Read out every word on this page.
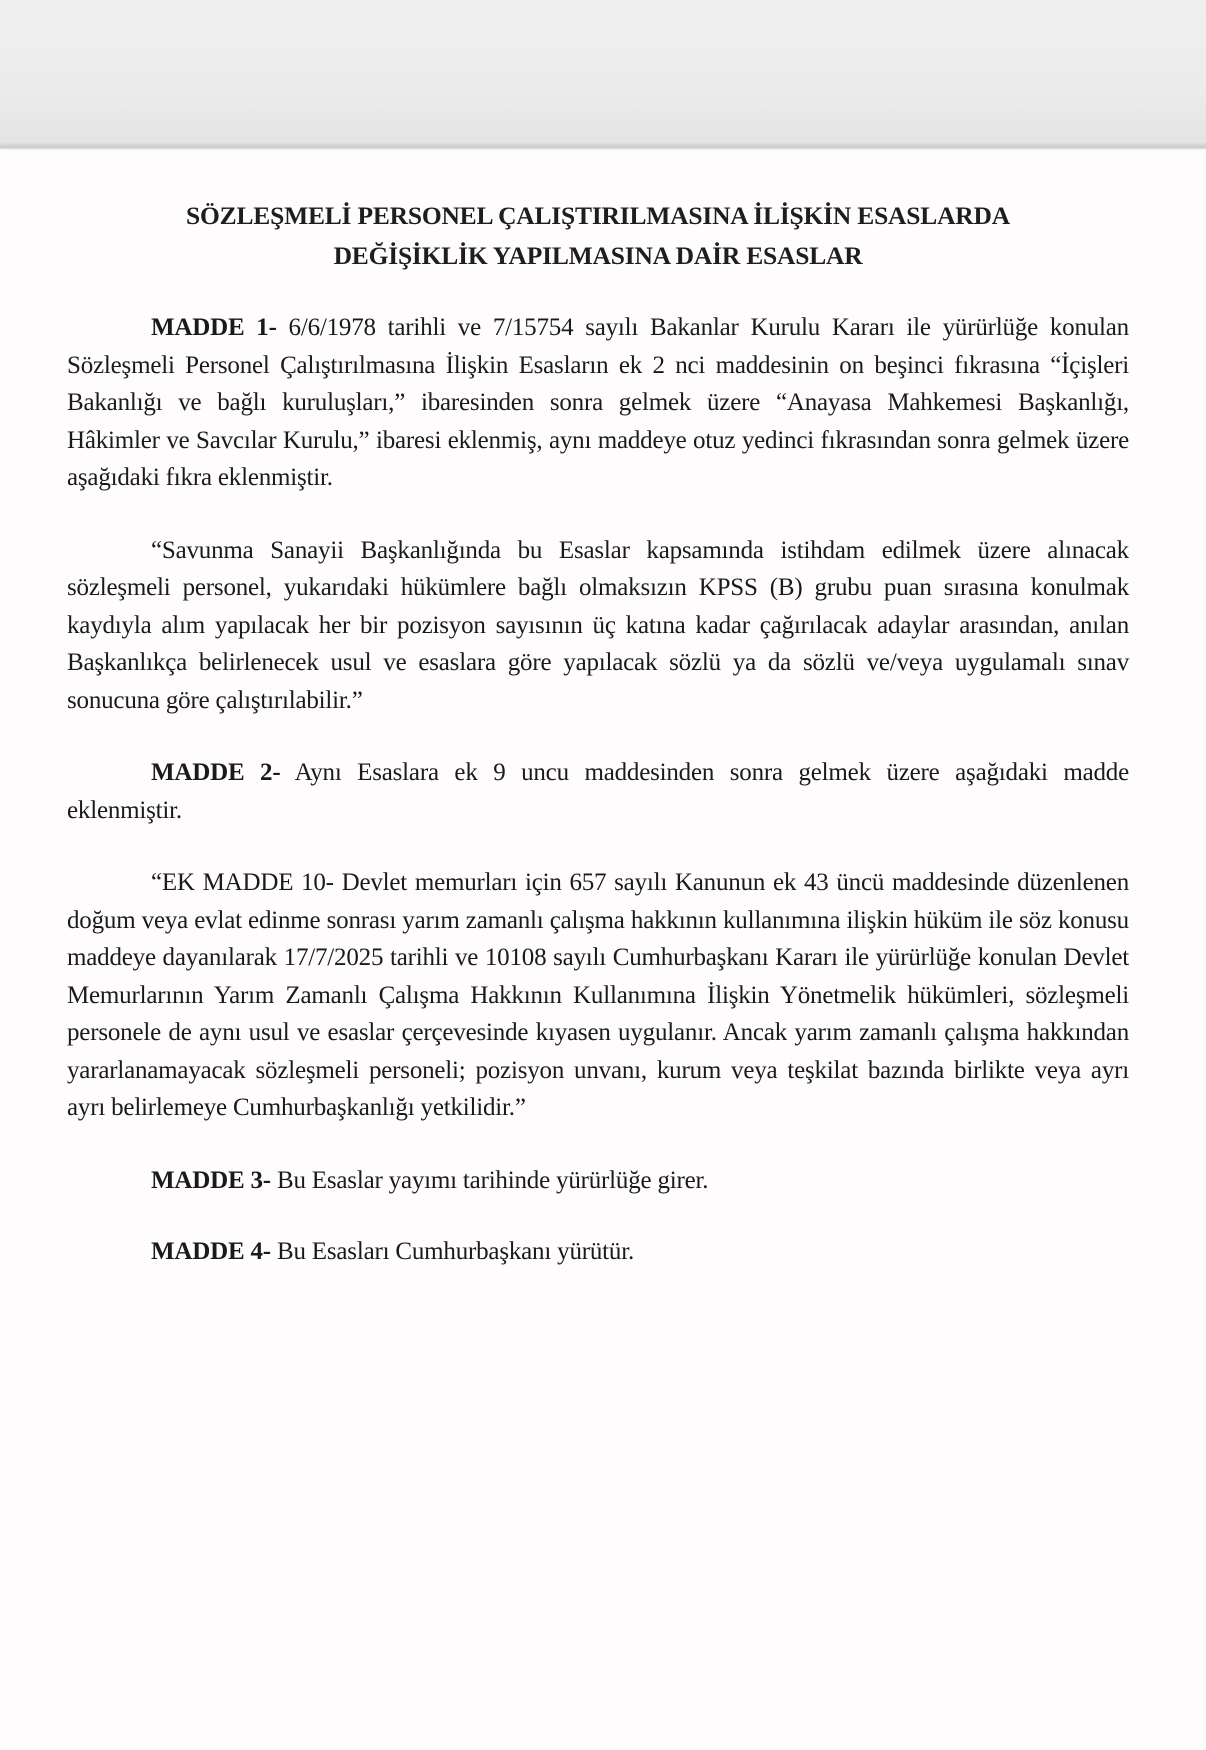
SÖZLEŞMELİ PERSONEL ÇALIŞTIRILMASINA İLİŞKİN ESASLARDA
DEĞİŞİKLİK YAPILMASINA DAİR ESASLAR

MADDE 1- 6/6/1978 tarihli ve 7/15754 sayılı Bakanlar Kurulu Kararı ile yürürlüğe konulan Sözleşmeli Personel Çalıştırılmasına İlişkin Esasların ek 2 nci maddesinin on beşinci fıkrasına “İçişleri Bakanlığı ve bağlı kuruluşları,” ibaresinden sonra gelmek üzere “Anayasa Mahkemesi Başkanlığı, Hâkimler ve Savcılar Kurulu,” ibaresi eklenmiş, aynı maddeye otuz yedinci fıkrasından sonra gelmek üzere aşağıdaki fıkra eklenmiştir.

“Savunma Sanayii Başkanlığında bu Esaslar kapsamında istihdam edilmek üzere alınacak sözleşmeli personel, yukarıdaki hükümlere bağlı olmaksızın KPSS (B) grubu puan sırasına konulmak kaydıyla alım yapılacak her bir pozisyon sayısının üç katına kadar çağırılacak adaylar arasından, anılan Başkanlıkça belirlenecek usul ve esaslara göre yapılacak sözlü ya da sözlü ve/veya uygulamalı sınav sonucuna göre çalıştırılabilir.”

MADDE 2- Aynı Esaslara ek 9 uncu maddesinden sonra gelmek üzere aşağıdaki madde eklenmiştir.

“EK MADDE 10- Devlet memurları için 657 sayılı Kanunun ek 43 üncü maddesinde düzenlenen doğum veya evlat edinme sonrası yarım zamanlı çalışma hakkının kullanımına ilişkin hüküm ile söz konusu maddeye dayanılarak 17/7/2025 tarihli ve 10108 sayılı Cumhurbaşkanı Kararı ile yürürlüğe konulan Devlet Memurlarının Yarım Zamanlı Çalışma Hakkının Kullanımına İlişkin Yönetmelik hükümleri, sözleşmeli personele de aynı usul ve esaslar çerçevesinde kıyasen uygulanır. Ancak yarım zamanlı çalışma hakkından yararlanamayacak sözleşmeli personeli; pozisyon unvanı, kurum veya teşkilat bazında birlikte veya ayrı ayrı belirlemeye Cumhurbaşkanlığı yetkilidir.”

MADDE 3- Bu Esaslar yayımı tarihinde yürürlüğe girer.

MADDE 4- Bu Esasları Cumhurbaşkanı yürütür.
